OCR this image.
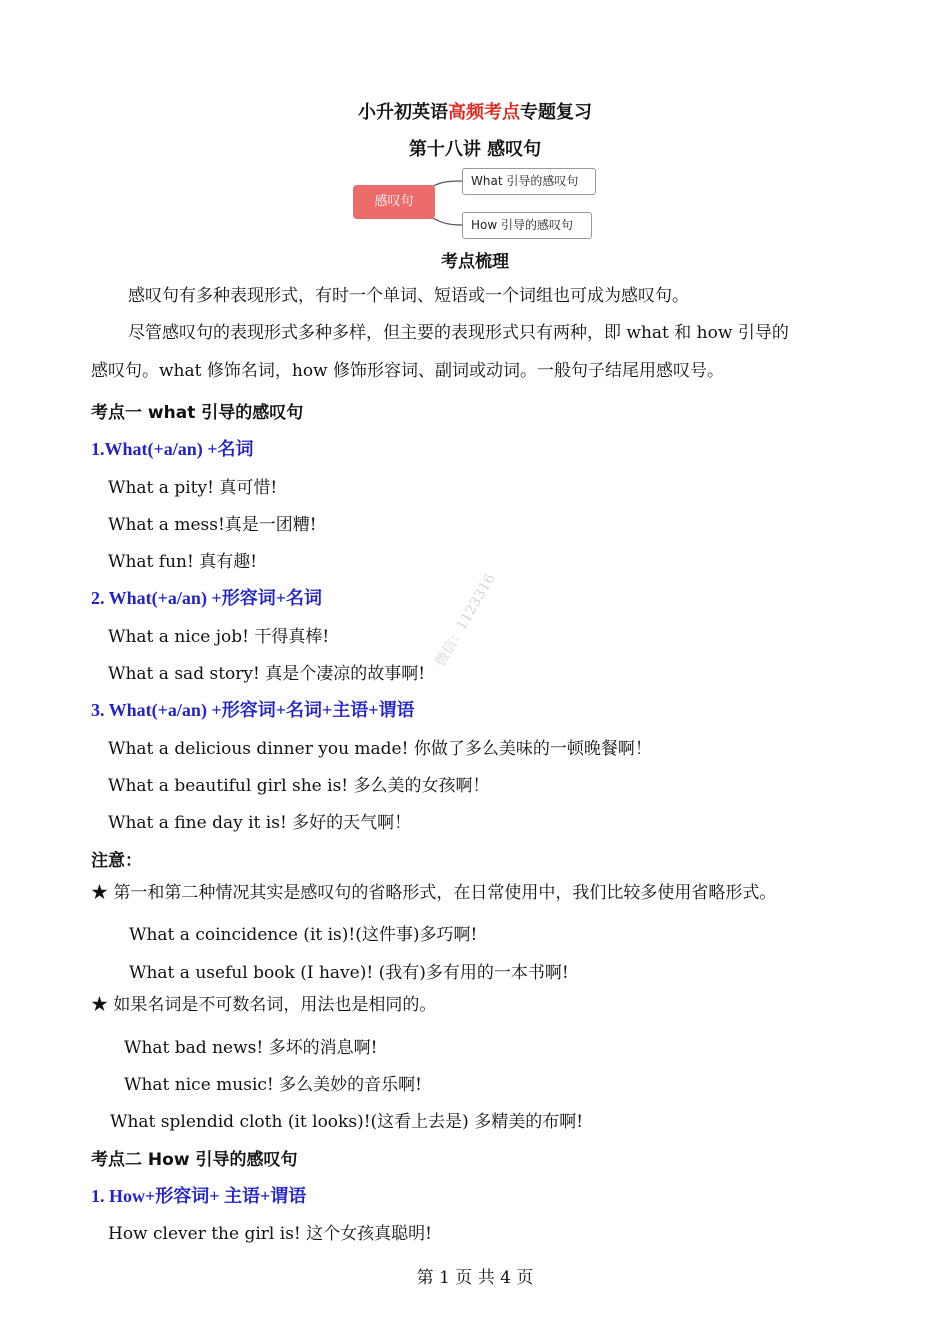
小升初英语高频考点专题复习
第十八讲 感叹句
感叹句
What 引导的感叹句
How 引导的感叹句
考点梳理
感叹句有多种表现形式，有时一个单词、短语或一个词组也可成为感叹句。
尽管感叹句的表现形式多种多样，但主要的表现形式只有两种，即 what 和 how 引导的
感叹句。what 修饰名词，how 修饰形容词、副词或动词。一般句子结尾用感叹号。
考点一 what 引导的感叹句
1.What(+a/an) +名词
What a pity! 真可惜!
What a mess!真是一团糟!
What fun! 真有趣!
2. What(+a/an) +形容词+名词
What a nice job! 干得真棒!
What a sad story! 真是个凄凉的故事啊!
3. What(+a/an) +形容词+名词+主语+谓语
What a delicious dinner you made! 你做了多么美味的一顿晚餐啊！
What a beautiful girl she is! 多么美的女孩啊！
What a fine day it is! 多好的天气啊！
注意：
★ 第一和第二种情况其实是感叹句的省略形式，在日常使用中，我们比较多使用省略形式。
What a coincidence (it is)!(这件事)多巧啊!
What a useful book (I have)! (我有)多有用的一本书啊!
★ 如果名词是不可数名词，用法也是相同的。
What bad news! 多坏的消息啊!
What nice music! 多么美妙的音乐啊!
What splendid cloth (it looks)!(这看上去是) 多精美的布啊!
考点二 How 引导的感叹句
1. How+形容词+ 主语+谓语
How clever the girl is! 这个女孩真聪明!
微信：1123316
第 1 页 共 4 页
